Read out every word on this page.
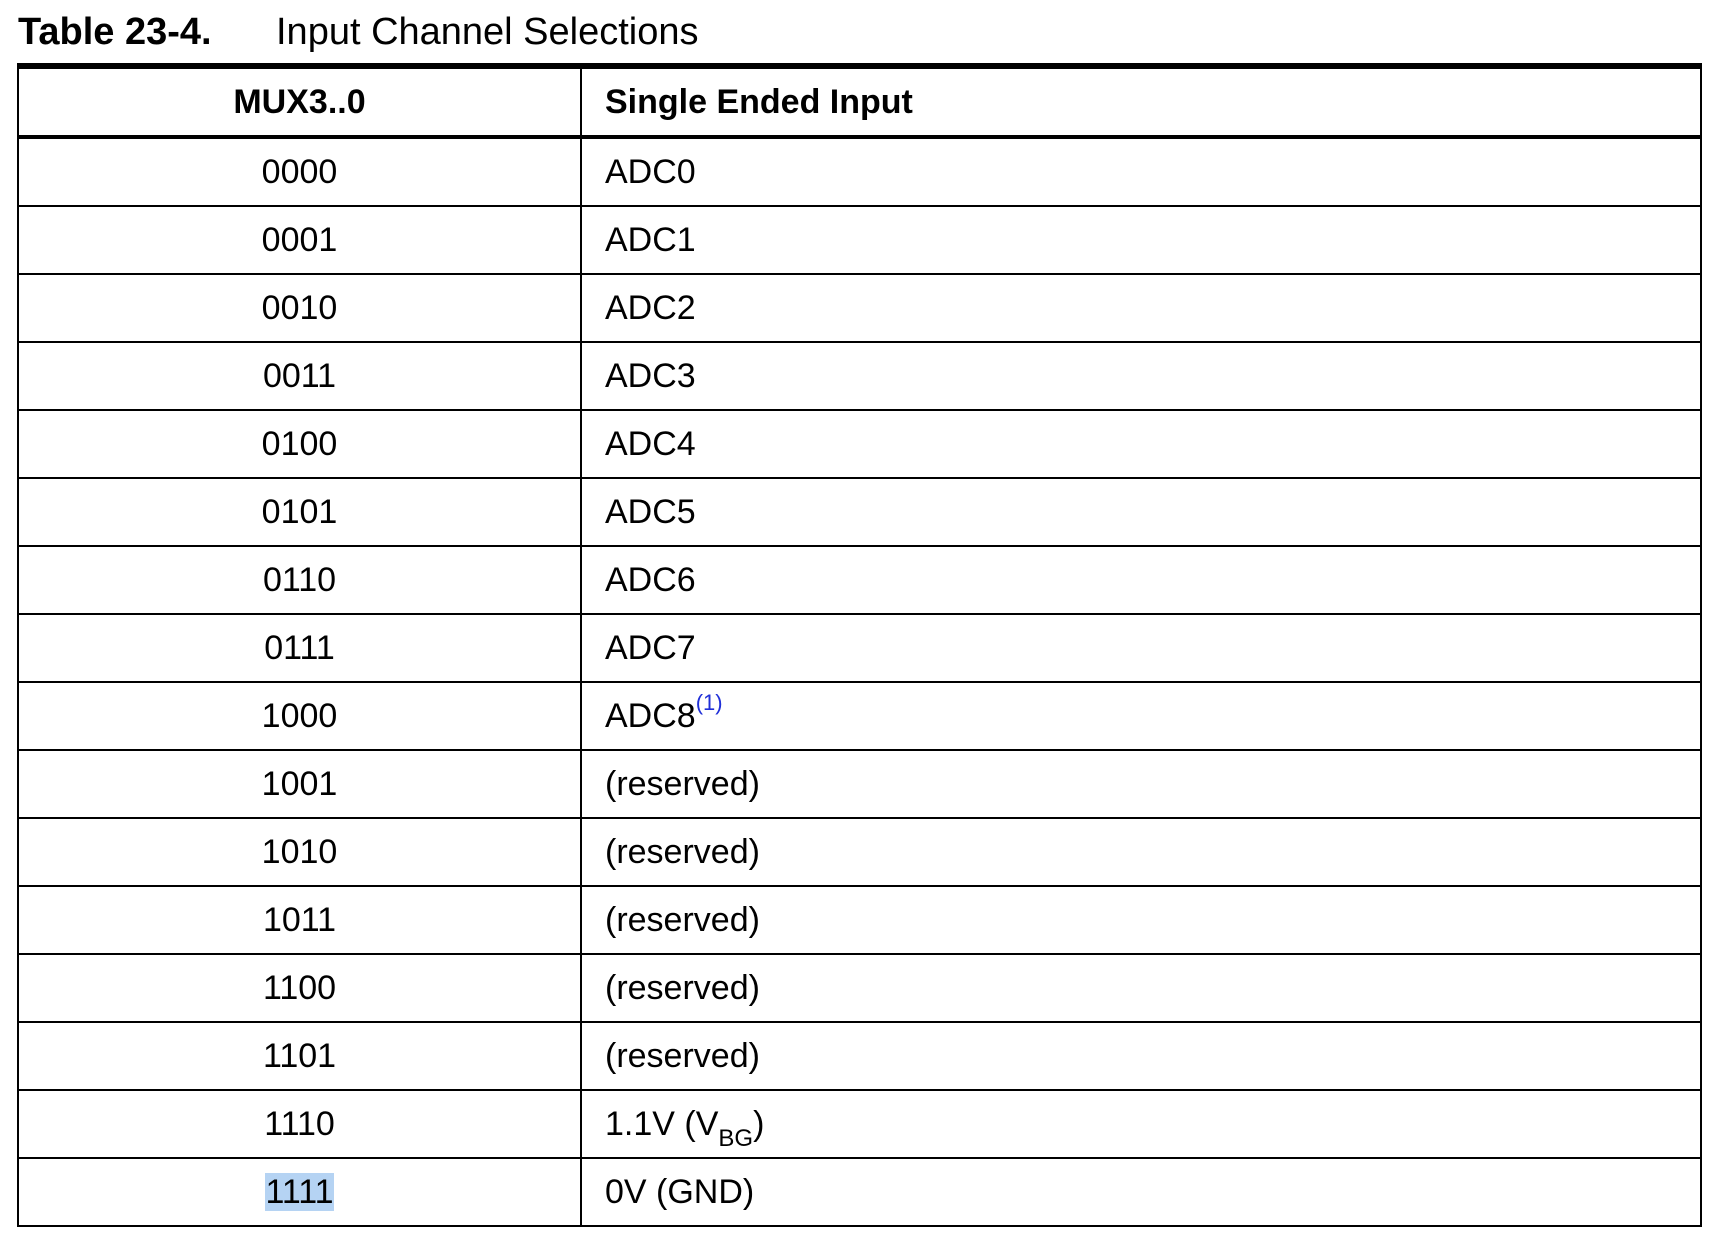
Table 23-4.	Input Channel Selections
MUX3..0	Single Ended Input
0000	ADC0
0001	ADC1
0010	ADC2
0011	ADC3
0100	ADC4
0101	ADC5
0110	ADC6
0111	ADC7
1000	ADC8$^{(1)}$
1001	(reserved)
1010	(reserved)
1011	(reserved)
1100	(reserved)
1101	(reserved)
1110	1.1V $(V_{BG})$
1111	0V (GND)
